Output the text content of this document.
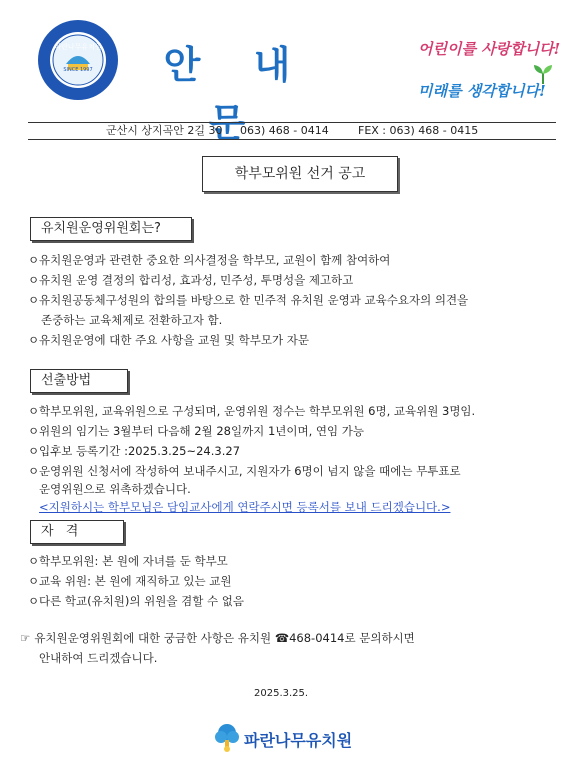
파란나무유치원
SINCE 1997	안 내 문
어린이를 사랑합니다!
미래를 생각합니다!
군산시 상지곡안 2길 30 063) 468 - 0414	FEX : 063) 468 - 0415
학부모위원 선거 공고
유치원운영위원회는?
ㅇ유치원운영과 관련한 중요한 의사결정을 학부모, 교원이 함께 참여하여
ㅇ유치원 운영 결정의 합리성, 효과성, 민주성, 투명성을 제고하고
ㅇ유치원공동체구성원의 합의를 바탕으로 한 민주적 유치원 운영과 교육수요자의 의견을
존중하는 교육체제로 전환하고자 함.
ㅇ유치원운영에 대한 주요 사항을 교원 및 학부모가 자문
선출방법
ㅇ학부모위원, 교육위원으로 구성되며, 운영위원 정수는 학부모위원 6명, 교육위원 3명임.
ㅇ위원의 임기는 3월부터 다음해 2월 28일까지 1년이며, 연임 가능
ㅇ입후보 등록기간 :2025.3.25~24.3.27
ㅇ운영위원 신청서에 작성하여 보내주시고, 지원자가 6명이 넘지 않을 때에는 무투표로
운영위원으로 위촉하겠습니다.
<지원하시는 학부모님은 담임교사에게 연락주시면 등록서를 보내 드리겠습니다.>
자 격
ㅇ학부모위원: 본 원에 자녀를 둔 학부모
ㅇ교육 위원: 본 원에 재직하고 있는 교원
ㅇ다른 학교(유치원)의 위원을 겸할 수 없음
☞ 유치원운영위원회에 대한 궁금한 사항은 유치원 ☎468-0414로 문의하시면
안내하여 드리겠습니다.
2025.3.25.
파란나무유치원
